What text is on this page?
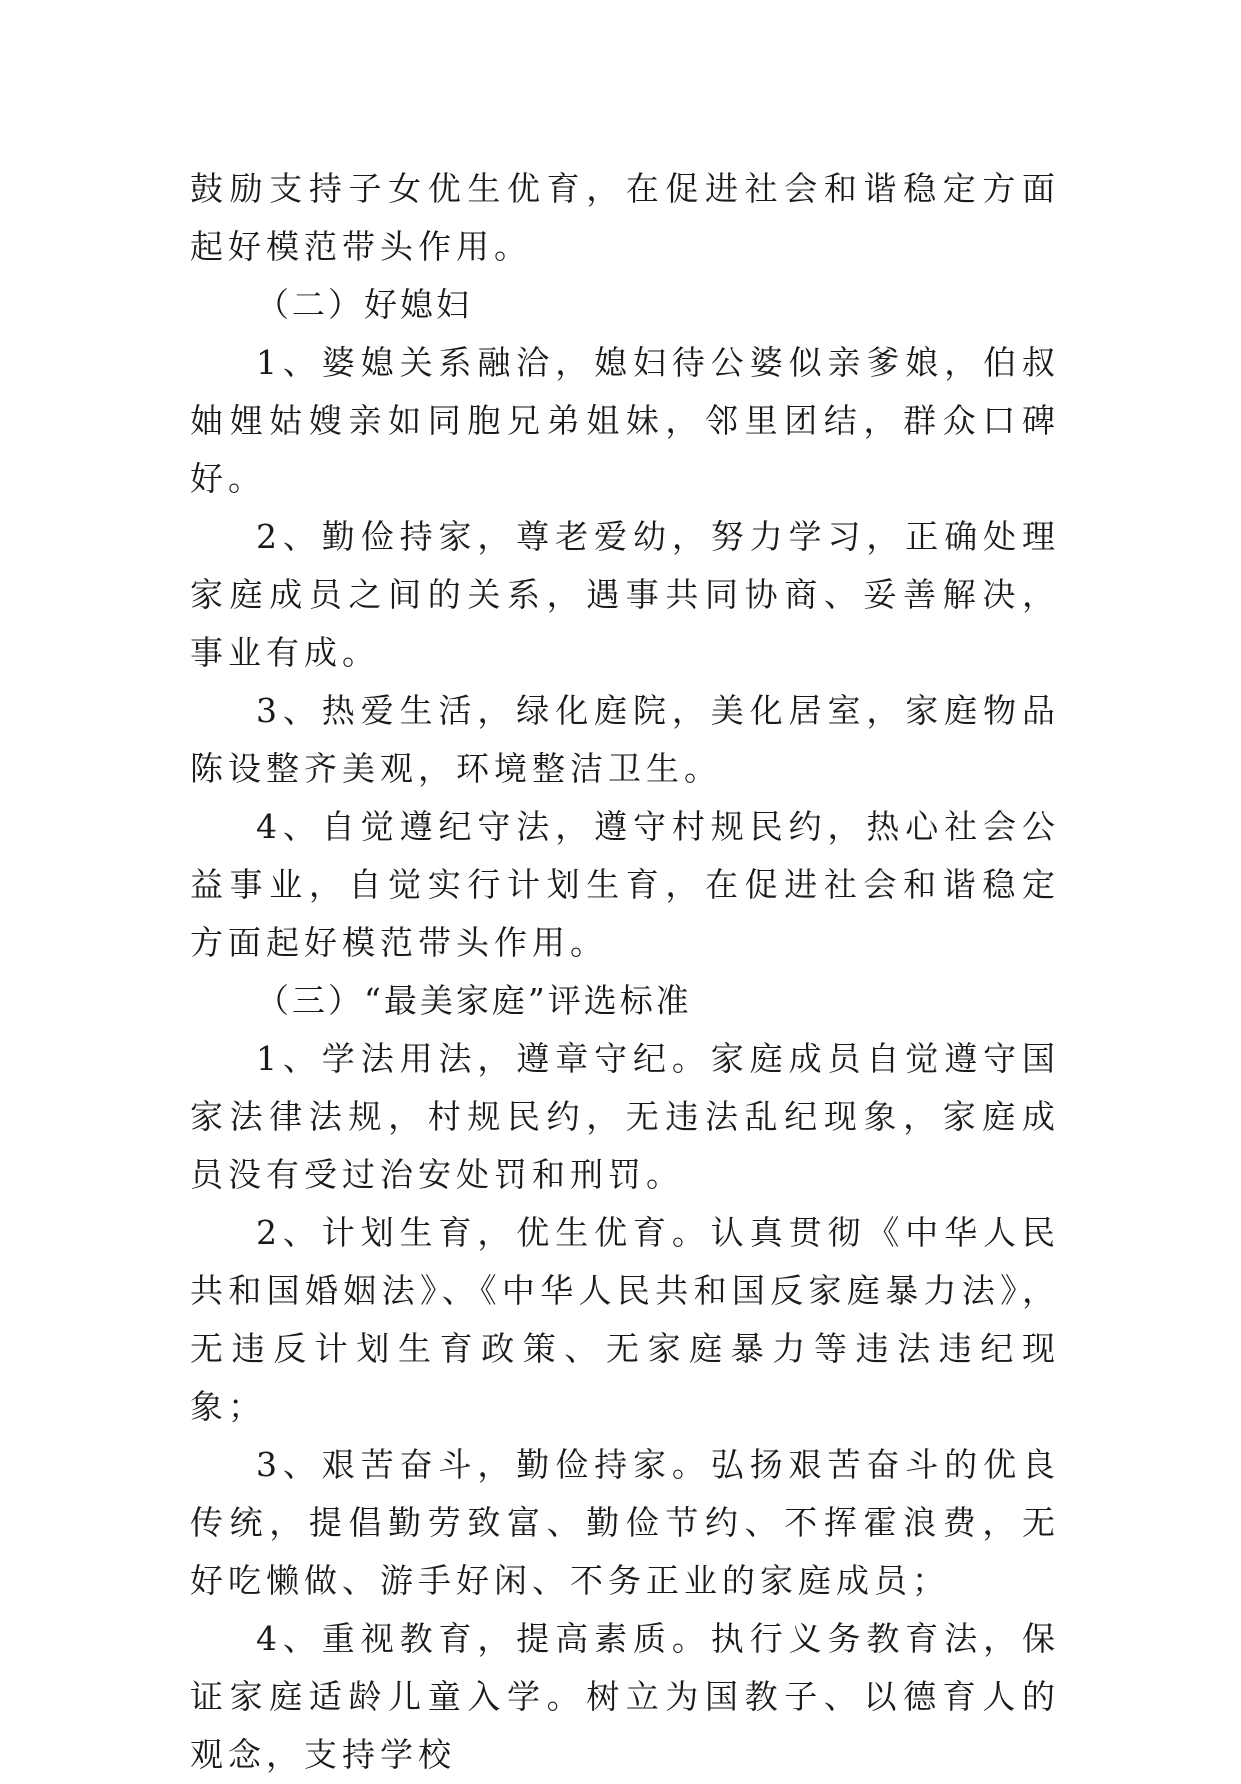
鼓励支持子女优生优育，在促进社会和谐稳定方面起好模范带头作用。

（二）好媳妇

1、婆媳关系融洽，媳妇待公婆似亲爹娘，伯叔妯娌姑嫂亲如同胞兄弟姐妹，邻里团结，群众口碑好。

2、勤俭持家，尊老爱幼，努力学习，正确处理家庭成员之间的关系，遇事共同协商、妥善解决，事业有成。

3、热爱生活，绿化庭院，美化居室，家庭物品陈设整齐美观，环境整洁卫生。

4、自觉遵纪守法，遵守村规民约，热心社会公益事业，自觉实行计划生育，在促进社会和谐稳定方面起好模范带头作用。

（三）“最美家庭”评选标准

1、学法用法，遵章守纪。家庭成员自觉遵守国家法律法规，村规民约，无违法乱纪现象，家庭成员没有受过治安处罚和刑罚。

2、计划生育，优生优育。认真贯彻《中华人民共和国婚姻法》、《中华人民共和国反家庭暴力法》，无违反计划生育政策、无家庭暴力等违法违纪现象；

3、艰苦奋斗，勤俭持家。弘扬艰苦奋斗的优良传统，提倡勤劳致富、勤俭节约、不挥霍浪费，无好吃懒做、游手好闲、不务正业的家庭成员；

4、重视教育，提高素质。执行义务教育法，保证家庭适龄儿童入学。树立为国教子、以德育人的观念，支持学校
